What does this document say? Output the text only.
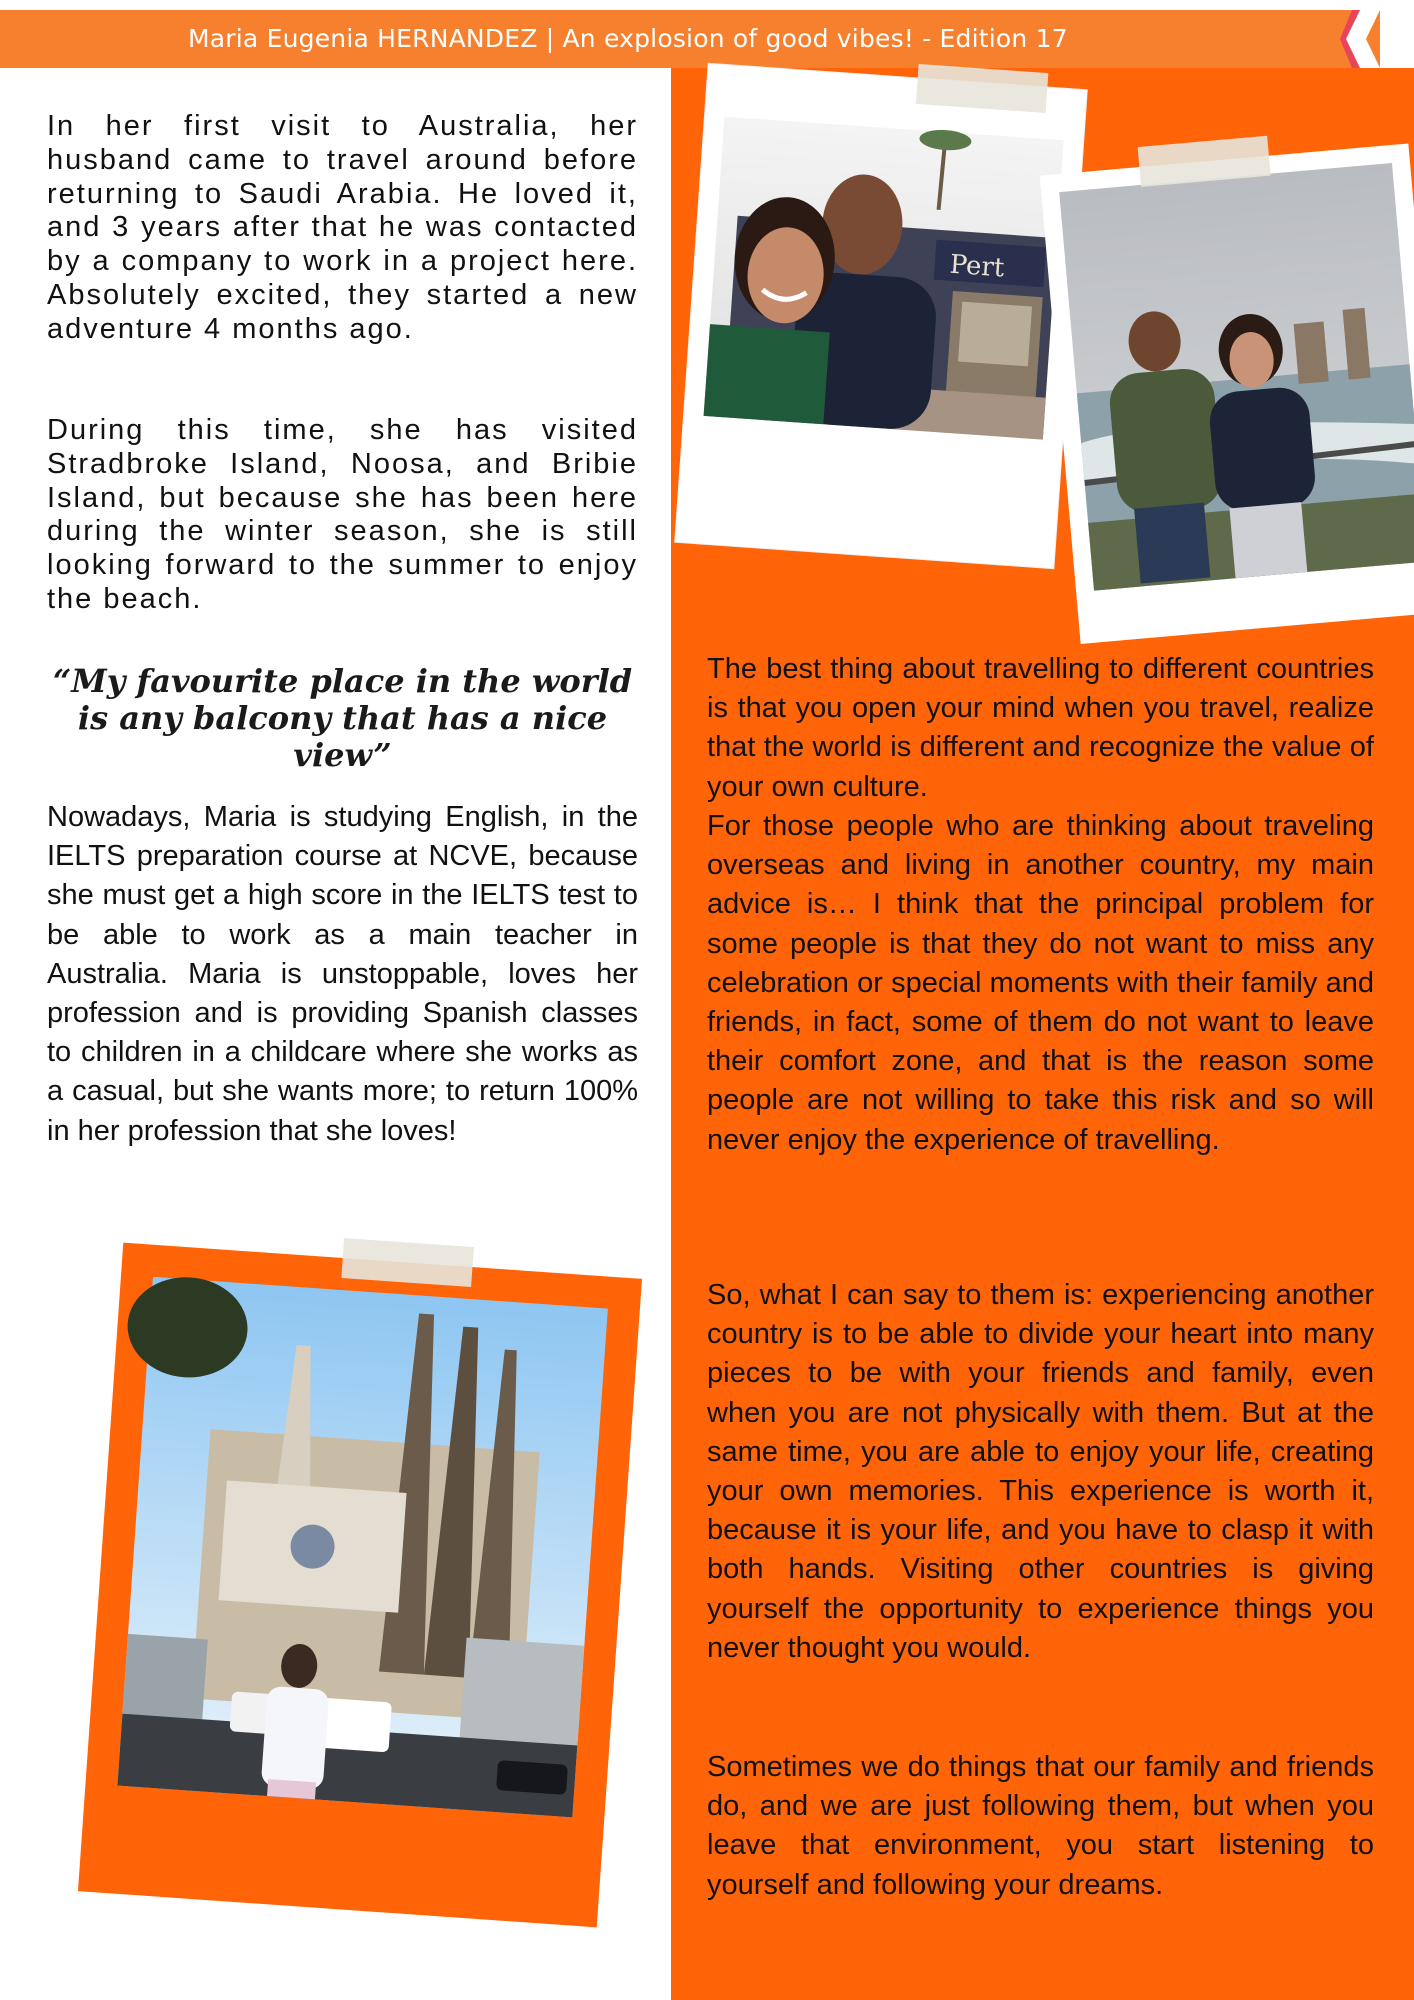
Maria Eugenia HERNANDEZ | An explosion of good vibes! - Edition 17

In her first visit to Australia, her husband came to travel around before returning to Saudi Arabia. He loved it, and 3 years after that he was contacted by a company to work in a project here. Absolutely excited, they started a new adventure 4 months ago.

During this time, she has visited Stradbroke Island, Noosa, and Bribie Island, but because she has been here during the winter season, she is still looking forward to the summer to enjoy the beach.

“My favourite place in the world is any balcony that has a nice view”

Nowadays, Maria is studying English, in the IELTS preparation course at NCVE, because she must get a high score in the IELTS test to be able to work as a main teacher in Australia. Maria is unstoppable, loves her profession and is providing Spanish classes to children in a childcare where she works as a casual, but she wants more; to return 100% in her profession that she loves!

The best thing about travelling to different countries is that you open your mind when you travel, realize that the world is different and recognize the value of your own culture.

For those people who are thinking about traveling overseas and living in another country, my main advice is… I think that the principal problem for some people is that they do not want to miss any celebration or special moments with their family and friends, in fact, some of them do not want to leave their comfort zone, and that is the reason some people are not willing to take this risk and so will never enjoy the experience of travelling.

So, what I can say to them is: experiencing another country is to be able to divide your heart into many pieces to be with your friends and family, even when you are not physically with them. But at the same time, you are able to enjoy your life, creating your own memories. This experience is worth it, because it is your life, and you have to clasp it with both hands. Visiting other countries is giving yourself the opportunity to experience things you never thought you would.

Sometimes we do things that our family and friends do, and we are just following them, but when you leave that environment, you start listening to yourself and following your dreams.

Pert
